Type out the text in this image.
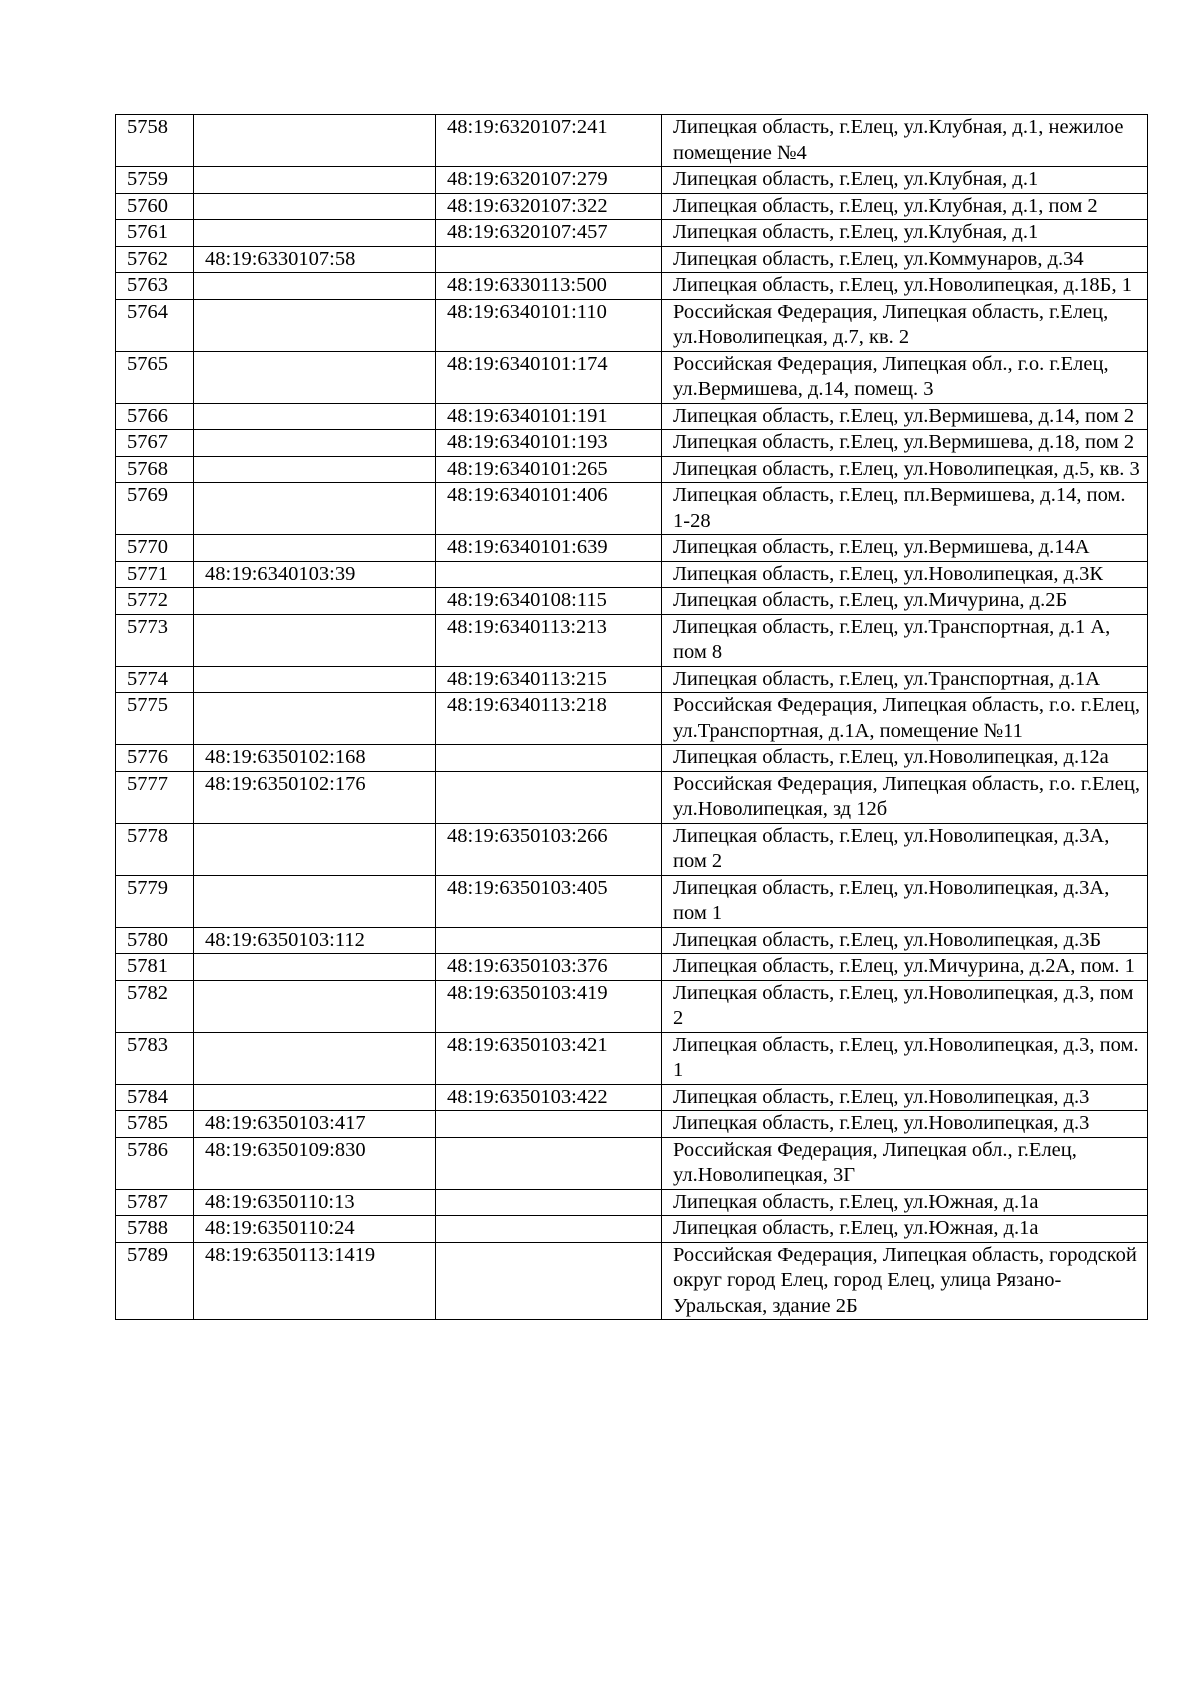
5758		48:19:6320107:241	Липецкая область, г.Елец, ул.Клубная, д.1, нежилое помещение №4
5759		48:19:6320107:279	Липецкая область, г.Елец, ул.Клубная, д.1
5760		48:19:6320107:322	Липецкая область, г.Елец, ул.Клубная, д.1, пом 2
5761		48:19:6320107:457	Липецкая область, г.Елец, ул.Клубная, д.1
5762	48:19:6330107:58		Липецкая область, г.Елец, ул.Коммунаров, д.34
5763		48:19:6330113:500	Липецкая область, г.Елец, ул.Новолипецкая, д.18Б, 1
5764		48:19:6340101:110	Российская Федерация, Липецкая область, г.Елец, ул.Новолипецкая, д.7, кв. 2
5765		48:19:6340101:174	Российская Федерация, Липецкая обл., г.о. г.Елец, ул.Вермишева, д.14, помещ. 3
5766		48:19:6340101:191	Липецкая область, г.Елец, ул.Вермишева, д.14, пом 2
5767		48:19:6340101:193	Липецкая область, г.Елец, ул.Вермишева, д.18, пом 2
5768		48:19:6340101:265	Липецкая область, г.Елец, ул.Новолипецкая, д.5, кв. 3
5769		48:19:6340101:406	Липецкая область, г.Елец, пл.Вермишева, д.14, пом. 1-28
5770		48:19:6340101:639	Липецкая область, г.Елец, ул.Вермишева, д.14А
5771	48:19:6340103:39		Липецкая область, г.Елец, ул.Новолипецкая, д.3К
5772		48:19:6340108:115	Липецкая область, г.Елец, ул.Мичурина, д.2Б
5773		48:19:6340113:213	Липецкая область, г.Елец, ул.Транспортная, д.1 А, пом 8
5774		48:19:6340113:215	Липецкая область, г.Елец, ул.Транспортная, д.1А
5775		48:19:6340113:218	Российская Федерация, Липецкая область, г.о. г.Елец, ул.Транспортная, д.1А, помещение №11
5776	48:19:6350102:168		Липецкая область, г.Елец, ул.Новолипецкая, д.12а
5777	48:19:6350102:176		Российская Федерация, Липецкая область, г.о. г.Елец, ул.Новолипецкая, зд 12б
5778		48:19:6350103:266	Липецкая область, г.Елец, ул.Новолипецкая, д.3А, пом 2
5779		48:19:6350103:405	Липецкая область, г.Елец, ул.Новолипецкая, д.3А, пом 1
5780	48:19:6350103:112		Липецкая область, г.Елец, ул.Новолипецкая, д.3Б
5781		48:19:6350103:376	Липецкая область, г.Елец, ул.Мичурина, д.2А, пом. 1
5782		48:19:6350103:419	Липецкая область, г.Елец, ул.Новолипецкая, д.3, пом 2
5783		48:19:6350103:421	Липецкая область, г.Елец, ул.Новолипецкая, д.3, пом. 1
5784		48:19:6350103:422	Липецкая область, г.Елец, ул.Новолипецкая, д.3
5785	48:19:6350103:417		Липецкая область, г.Елец, ул.Новолипецкая, д.3
5786	48:19:6350109:830		Российская Федерация, Липецкая обл., г.Елец, ул.Новолипецкая, 3Г
5787	48:19:6350110:13		Липецкая область, г.Елец, ул.Южная, д.1а
5788	48:19:6350110:24		Липецкая область, г.Елец, ул.Южная, д.1а
5789	48:19:6350113:1419		Российская Федерация, Липецкая область, городской округ город Елец, город Елец, улица Рязано-Уральская, здание 2Б
